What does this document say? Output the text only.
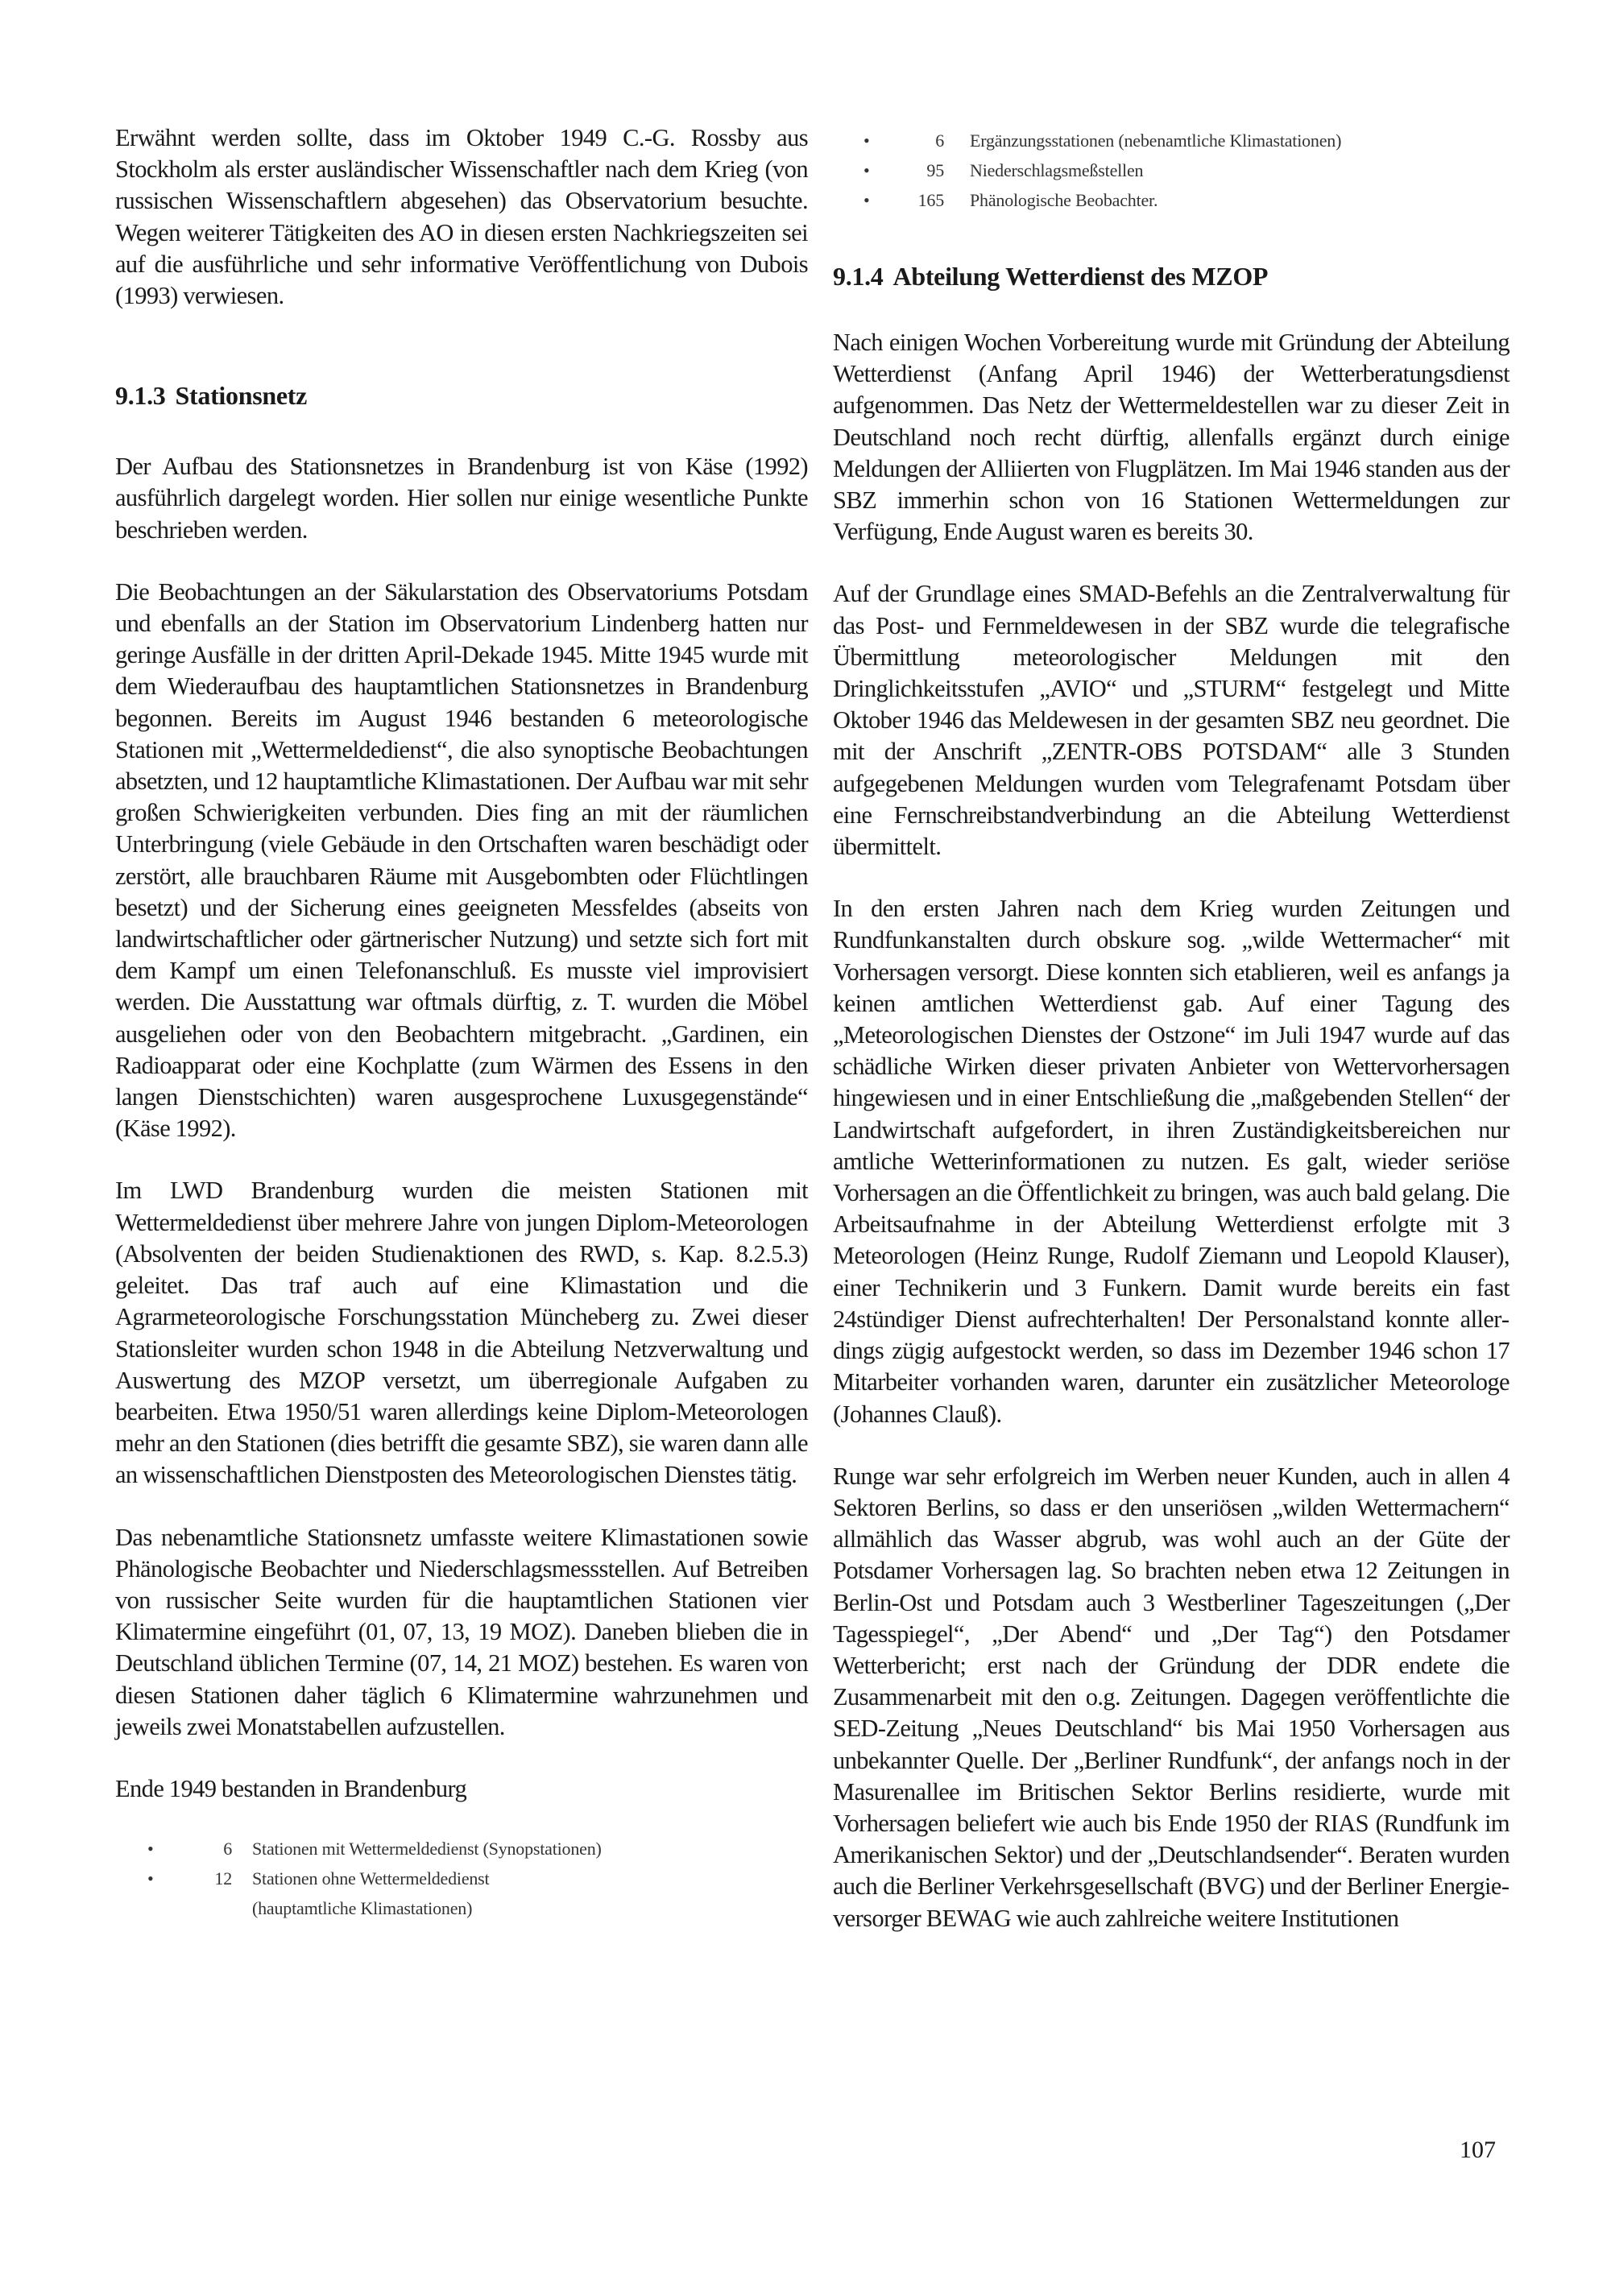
Erwähnt werden sollte, dass im Oktober 1949 C.-G. Rossby aus Stockholm als erster ausländischer Wissenschaftler nach dem Krieg (von russischen Wissenschaftlern abgesehen) das Observatorium besuchte. Wegen weiterer Tätigkeiten des AO in diesen ersten Nachkriegszeiten sei auf die ausführliche und sehr informative Veröffentlichung von Dubois (1993) verwiesen.

9.1.3 Stationsnetz

Der Aufbau des Stationsnetzes in Brandenburg ist von Käse (1992) ausführlich dargelegt worden. Hier sollen nur einige wesentliche Punkte beschrieben werden.

Die Beobachtungen an der Säkularstation des Observatoriums Potsdam und ebenfalls an der Station im Observatorium Lindenberg hatten nur geringe Ausfälle in der dritten April-Dekade 1945. Mitte 1945 wurde mit dem Wiederaufbau des hauptamtlichen Stationsnetzes in Brandenburg begonnen. Bereits im August 1946 bestanden 6 meteorologische Stationen mit „Wettermeldedienst“, die also synoptische Beobachtungen absetzten, und 12 hauptamtliche Klimastationen. Der Aufbau war mit sehr großen Schwierigkeiten verbunden. Dies fing an mit der räumlichen Unterbringung (viele Gebäude in den Ortschaften waren beschädigt oder zerstört, alle brauchbaren Räume mit Ausgebombten oder Flüchtlingen besetzt) und der Sicherung eines geeigneten Messfeldes (abseits von landwirtschaftlicher oder gärtnerischer Nutzung) und setzte sich fort mit dem Kampf um einen Telefonanschluß. Es musste viel improvisiert werden. Die Ausstattung war oftmals dürftig, z. T. wurden die Möbel ausgeliehen oder von den Beobachtern mitgebracht. „Gardinen, ein Radioapparat oder eine Kochplatte (zum Wärmen des Essens in den langen Dienstschichten) waren ausgesprochene Luxusgegenstände“ (Käse 1992).

Im LWD Brandenburg wurden die meisten Stationen mit Wettermeldedienst über mehrere Jahre von jungen Diplom-Meteorologen (Absolventen der beiden Studienaktionen des RWD, s. Kap. 8.2.5.3) geleitet. Das traf auch auf eine Klimastation und die Agrarmeteorologische Forschungsstation Müncheberg zu. Zwei dieser Stationsleiter wurden schon 1948 in die Abteilung Netzverwaltung und Auswertung des MZOP versetzt, um überregionale Aufgaben zu bearbeiten. Etwa 1950/51 waren allerdings keine Diplom-Meteorologen mehr an den Stationen (dies betrifft die gesamte SBZ), sie waren dann alle an wissenschaftlichen Dienstposten des Meteorologischen Dienstes tätig.

Das nebenamtliche Stationsnetz umfasste weitere Klimastationen sowie Phänologische Beobachter und Niederschlagsmessstellen. Auf Betreiben von russischer Seite wurden für die hauptamtlichen Stationen vier Klimatermine eingeführt (01, 07, 13, 19 MOZ). Daneben blieben die in Deutschland üblichen Termine (07, 14, 21 MOZ) bestehen. Es waren von diesen Stationen daher täglich 6 Klimatermine wahrzunehmen und jeweils zwei Monatstabellen aufzustellen.

Ende 1949 bestanden in Brandenburg

•	6 Stationen mit Wettermeldedienst (Synopstationen)
•	12 Stationen ohne Wettermeldedienst
(hauptamtliche Klimastationen)
•	6 Ergänzungsstationen (nebenamtliche Klimastationen)
•	95 Niederschlagsmeßstellen
•	165 Phänologische Beobachter.
9.1.4 Abteilung Wetterdienst des MZOP

Nach einigen Wochen Vorbereitung wurde mit Gründung der Abteilung Wetterdienst (Anfang April 1946) der Wetterberatungsdienst aufgenommen. Das Netz der Wettermeldestellen war zu dieser Zeit in Deutschland noch recht dürftig, allenfalls ergänzt durch einige Meldungen der Alliierten von Flugplätzen. Im Mai 1946 standen aus der SBZ immerhin schon von 16 Stationen Wettermeldungen zur Verfügung, Ende August waren es bereits 30.

Auf der Grundlage eines SMAD-Befehls an die Zentralverwaltung für das Post- und Fernmeldewesen in der SBZ wurde die telegrafische Übermittlung meteorologischer Meldungen mit den Dringlichkeitsstufen „AVIO“ und „STURM“ festgelegt und Mitte Oktober 1946 das Meldewesen in der gesamten SBZ neu geordnet. Die mit der Anschrift „ZENTR-OBS POTSDAM“ alle 3 Stunden aufgegebenen Meldungen wurden vom Telegrafenamt Potsdam über eine Fernschreibstandverbindung an die Abteilung Wetterdienst übermittelt.

In den ersten Jahren nach dem Krieg wurden Zeitungen und Rundfunkanstalten durch obskure sog. „wilde Wettermacher“ mit Vorhersagen versorgt. Diese konnten sich etablieren, weil es anfangs ja keinen amtlichen Wetterdienst gab. Auf einer Tagung des „Meteorologischen Dienstes der Ostzone“ im Juli 1947 wurde auf das schädliche Wirken dieser privaten Anbieter von Wettervorhersagen hingewiesen und in einer Entschließung die „maßgebenden Stellen“ der Landwirtschaft aufgefordert, in ihren Zuständigkeitsbereichen nur amtliche Wetterinformationen zu nutzen. Es galt, wieder seriöse Vorhersagen an die Öffentlichkeit zu bringen, was auch bald gelang. Die Arbeitsaufnahme in der Abteilung Wetterdienst erfolgte mit 3 Meteorologen (Heinz Runge, Rudolf Ziemann und Leopold Klauser), einer Technikerin und 3 Funkern. Damit wurde bereits ein fast 24stündiger Dienst aufrechterhalten! Der Personalstand konnte allerdings zügig aufgestockt werden, so dass im Dezember 1946 schon 17 Mitarbeiter vorhanden waren, darunter ein zusätzlicher Meteorologe (Johannes Clauß).

Runge war sehr erfolgreich im Werben neuer Kunden, auch in allen 4 Sektoren Berlins, so dass er den unseriösen „wilden Wettermachern“ allmählich das Wasser abgrub, was wohl auch an der Güte der Potsdamer Vorhersagen lag. So brachten neben etwa 12 Zeitungen in Berlin-Ost und Potsdam auch 3 Westberliner Tageszeitungen („Der Tagesspiegel“, „Der Abend“ und „Der Tag“) den Potsdamer Wetterbericht; erst nach der Gründung der DDR endete die Zusammenarbeit mit den o.g. Zeitungen. Dagegen veröffentlichte die SED-Zeitung „Neues Deutschland“ bis Mai 1950 Vorhersagen aus unbekannter Quelle. Der „Berliner Rundfunk“, der anfangs noch in der Masurenallee im Britischen Sektor Berlins residierte, wurde mit Vorhersagen beliefert wie auch bis Ende 1950 der RIAS (Rundfunk im Amerikanischen Sektor) und der „Deutschlandsender“. Beraten wurden auch die Berliner Verkehrsgesellschaft (BVG) und der Berliner Energieversorger BEWAG wie auch zahlreiche weitere Institutionen

107
